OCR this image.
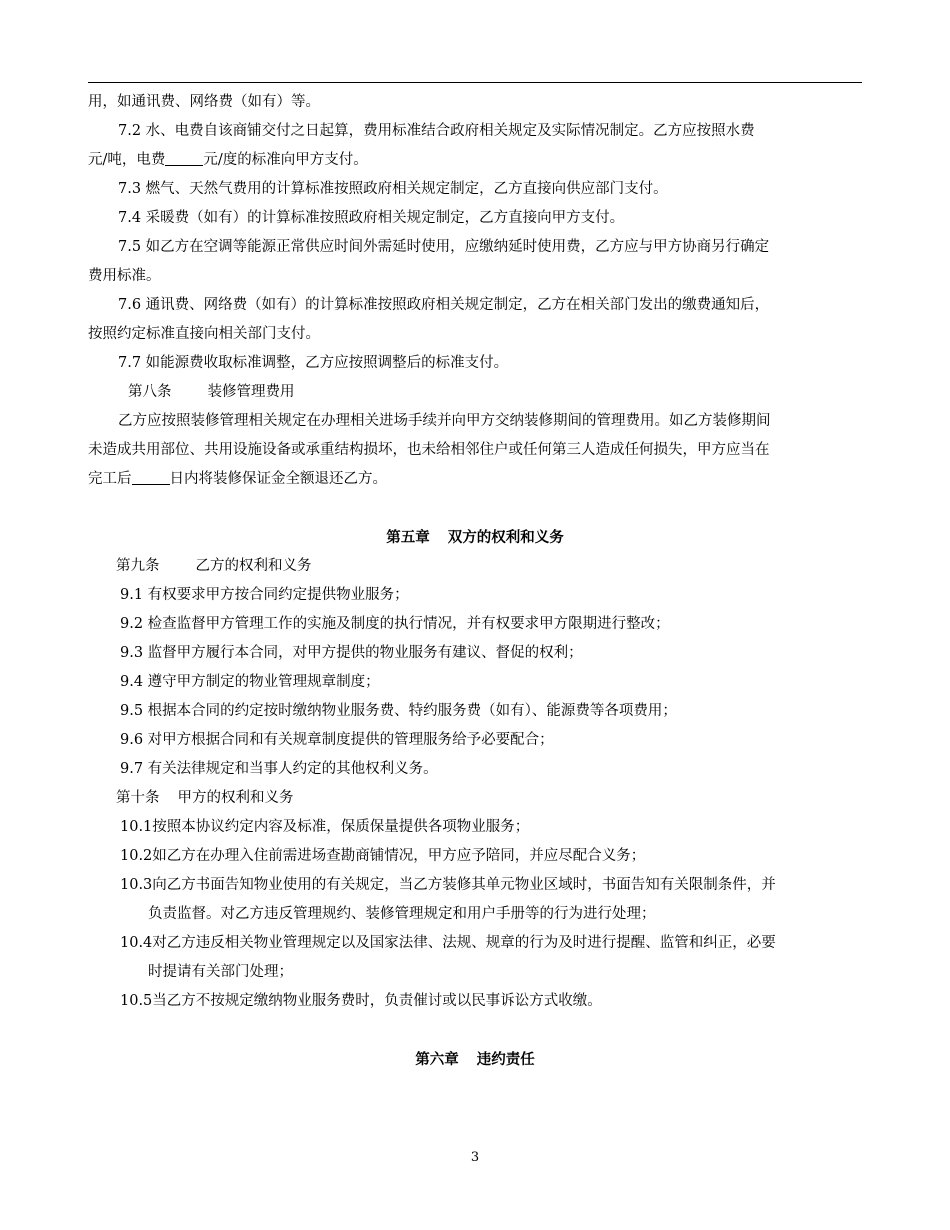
用，如通讯费、网络费（如有）等。
7.2 水、电费自该商铺交付之日起算，费用标准结合政府相关规定及实际情况制定。乙方应按照水费
元/吨，电费	元/度的标准向甲方支付。
7.3 燃气、天然气费用的计算标准按照政府相关规定制定，乙方直接向供应部门支付。
7.4 采暖费（如有）的计算标准按照政府相关规定制定，乙方直接向甲方支付。
7.5 如乙方在空调等能源正常供应时间外需延时使用，应缴纳延时使用费，乙方应与甲方协商另行确定
费用标准。
7.6 通讯费、网络费（如有）的计算标准按照政府相关规定制定，乙方在相关部门发出的缴费通知后，
按照约定标准直接向相关部门支付。
7.7 如能源费收取标准调整，乙方应按照调整后的标准支付。
第八条 装修管理费用
乙方应按照装修管理相关规定在办理相关进场手续并向甲方交纳装修期间的管理费用。如乙方装修期间
未造成共用部位、共用设施设备或承重结构损坏，也未给相邻住户或任何第三人造成任何损失，甲方应当在
完工后	日内将装修保证金全额退还乙方。
第五章 双方的权利和义务
第九条 乙方的权利和义务
9.1 有权要求甲方按合同约定提供物业服务；
9.2 检查监督甲方管理工作的实施及制度的执行情况，并有权要求甲方限期进行整改；
9.3 监督甲方履行本合同，对甲方提供的物业服务有建议、督促的权利；
9.4 遵守甲方制定的物业管理规章制度；
9.5 根据本合同的约定按时缴纳物业服务费、特约服务费（如有）、能源费等各项费用；
9.6 对甲方根据合同和有关规章制度提供的管理服务给予必要配合；
9.7 有关法律规定和当事人约定的其他权利义务。
第十条 甲方的权利和义务
10.1按照本协议约定内容及标准，保质保量提供各项物业服务；
10.2如乙方在办理入住前需进场查勘商铺情况，甲方应予陪同，并应尽配合义务；
10.3向乙方书面告知物业使用的有关规定，当乙方装修其单元物业区域时，书面告知有关限制条件，并
负责监督。对乙方违反管理规约、装修管理规定和用户手册等的行为进行处理；
10.4对乙方违反相关物业管理规定以及国家法律、法规、规章的行为及时进行提醒、监管和纠正，必要
时提请有关部门处理；
10.5当乙方不按规定缴纳物业服务费时，负责催讨或以民事诉讼方式收缴。
第六章 违约责任
3
